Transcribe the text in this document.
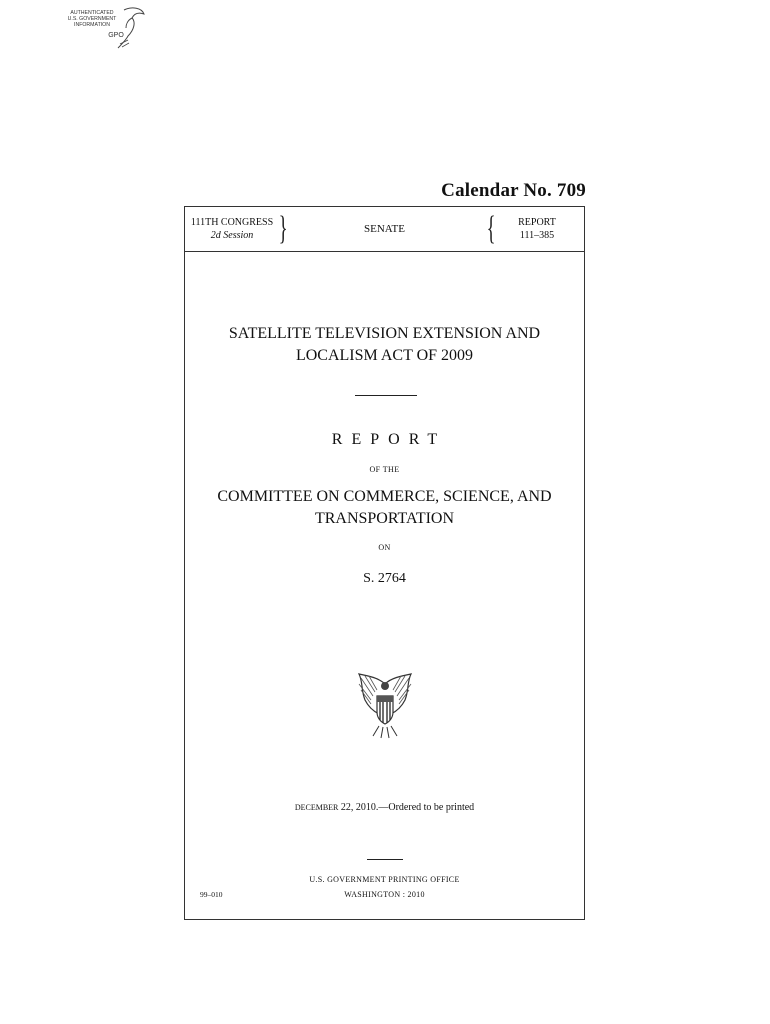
AUTHENTICATED
U.S. GOVERNMENT
INFORMATION
GPO
Calendar No. 709
111TH CONGRESS
2d Session }	SENATE	{	REPORT
111–385
SATELLITE TELEVISION EXTENSION AND
LOCALISM ACT OF 2009
REPORT
OF THE
COMMITTEE ON COMMERCE, SCIENCE, AND
TRANSPORTATION
ON
S. 2764
DECEMBER 22, 2010.—Ordered to be printed
U.S. GOVERNMENT PRINTING OFFICE
WASHINGTON : 2010
99–010
